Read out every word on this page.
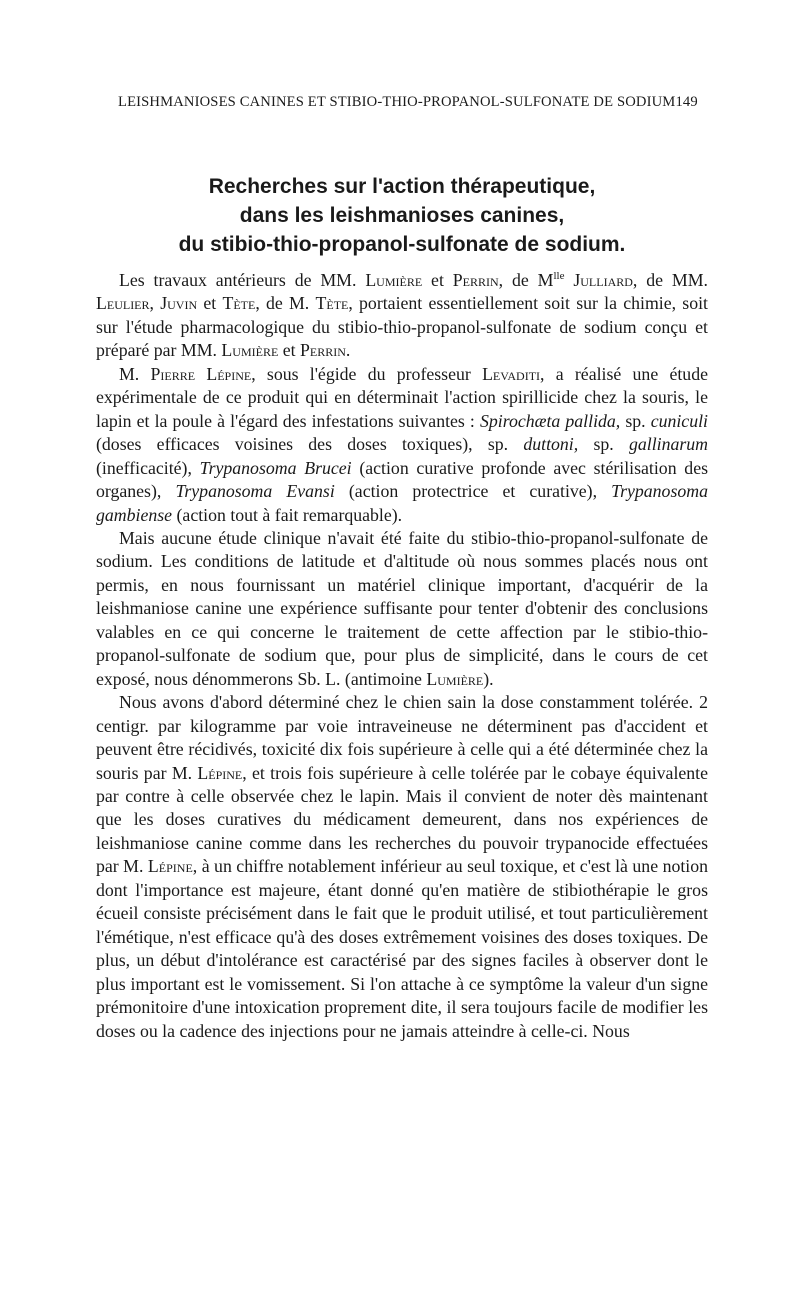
LEISHMANIOSES CANINES ET STIBIO-THIO-PROPANOL-SULFONATE DE SODIUM 149
Recherches sur l'action thérapeutique,
dans les leishmanioses canines,
du stibio-thio-propanol-sulfonate de sodium.

Les travaux antérieurs de MM. Lumière et Perrin, de $M^{lle}$ Julliard, de MM. Leulier, Juvin et Tète, de M. Tète, portaient essentiellement soit sur la chimie, soit sur l'étude pharmacologique du stibio-thio-propanol-sulfonate de sodium conçu et préparé par MM. Lumière et Perrin.

M. Pierre Lépine, sous l'égide du professeur Levaditi, a réalisé une étude expérimentale de ce produit qui en déterminait l'action spirillicide chez la souris, le lapin et la poule à l'égard des infestations suivantes : Spirochæta pallida, sp. cuniculi (doses efficaces voisines des doses toxiques), sp. duttoni, sp. gallinarum (inefficacité), Trypanosoma Brucei (action curative profonde avec stérilisation des organes), Trypanosoma Evansi (action protectrice et curative), Trypanosoma gambiense (action tout à fait remarquable).

Mais aucune étude clinique n'avait été faite du stibio-thio-propanol-sulfonate de sodium. Les conditions de latitude et d'altitude où nous sommes placés nous ont permis, en nous fournissant un matériel clinique important, d'acquérir de la leishmaniose canine une expérience suffisante pour tenter d'obtenir des conclusions valables en ce qui concerne le traitement de cette affection par le stibio-thio-propanol-sulfonate de sodium que, pour plus de simplicité, dans le cours de cet exposé, nous dénommerons Sb. L. (antimoine Lumière).

Nous avons d'abord déterminé chez le chien sain la dose constamment tolérée. 2 centigr. par kilogramme par voie intraveineuse ne déterminent pas d'accident et peuvent être récidivés, toxicité dix fois supérieure à celle qui a été déterminée chez la souris par M. Lépine, et trois fois supérieure à celle tolérée par le cobaye équivalente par contre à celle observée chez le lapin. Mais il convient de noter dès maintenant que les doses curatives du médicament demeurent, dans nos expériences de leishmaniose canine comme dans les recherches du pouvoir trypanocide effectuées par M. Lépine, à un chiffre notablement inférieur au seul toxique, et c'est là une notion dont l'importance est majeure, étant donné qu'en matière de stibiothérapie le gros écueil consiste précisément dans le fait que le produit utilisé, et tout particulièrement l'émétique, n'est efficace qu'à des doses extrêmement voisines des doses toxiques. De plus, un début d'intolérance est caractérisé par des signes faciles à observer dont le plus important est le vomissement. Si l'on attache à ce symptôme la valeur d'un signe prémonitoire d'une intoxication proprement dite, il sera toujours facile de modifier les doses ou la cadence des injections pour ne jamais atteindre à celle-ci. Nous
